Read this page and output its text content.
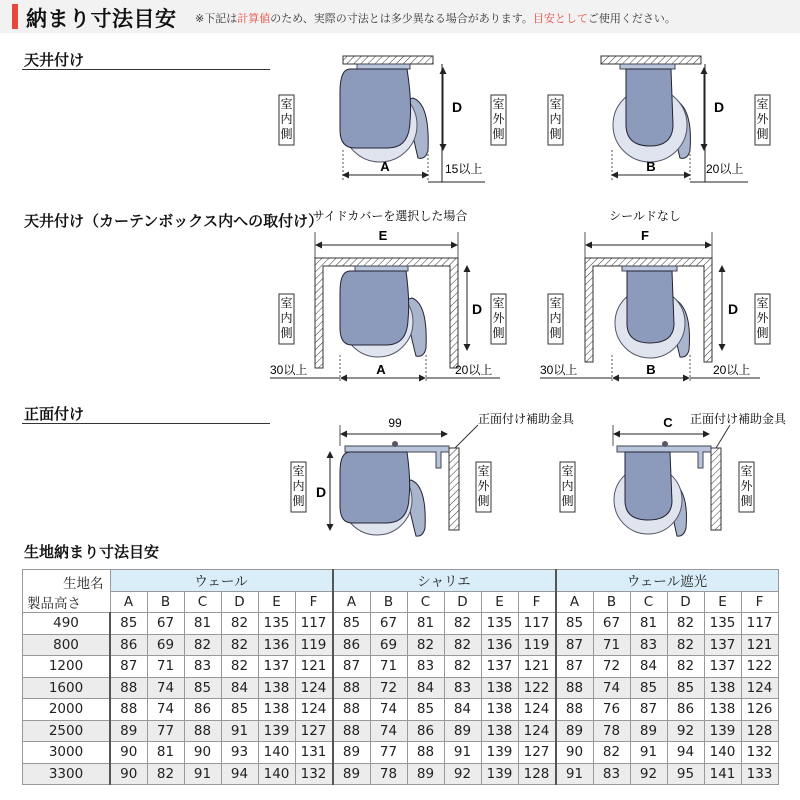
納まり寸法目安 ※下記は計算値のため、実際の寸法とは多少異なる場合があります。目安としてご使用ください。
天井付け
天井付け（カーテンボックス内への取付け）
正面付け
生地納まり寸法目安
A
D
15以上	B
D
20以上
サイドカバーを選択した場合
E
A
D
30以上	20以上
シールドなし
F
B
D
30以上	20以上
99	正面付け補助金具
D
C 正面付け補助金具
室内側
室外側
室内側
室外側
室内側
室外側
室内側
室外側
室内側
室外側
室内側
室外側
生地名
製品高さ	ウェール						シャリエ						ウェール遮光					
	A	B	C	D	E	F	A	B	C	D	E	F	A	B	C	D	E	F
490	85	67	81	82	135	117	85	67	81	82	135	117	85	67	81	82	135	117
800	86	69	82	82	136	119	86	69	82	82	136	119	87	71	83	82	137	121
1200	87	71	83	82	137	121	87	71	83	82	137	121	87	72	84	82	137	122
1600	88	74	85	84	138	124	88	72	84	83	138	122	88	74	85	85	138	124
2000	88	74	86	85	138	124	88	74	85	84	138	124	88	76	87	86	138	126
2500	89	77	88	91	139	127	88	74	86	89	138	124	89	78	89	92	139	128
3000	90	81	90	93	140	131	89	77	88	91	139	127	90	82	91	94	140	132
3300	90	82	91	94	140	132	89	78	89	92	139	128	91	83	92	95	141	133
